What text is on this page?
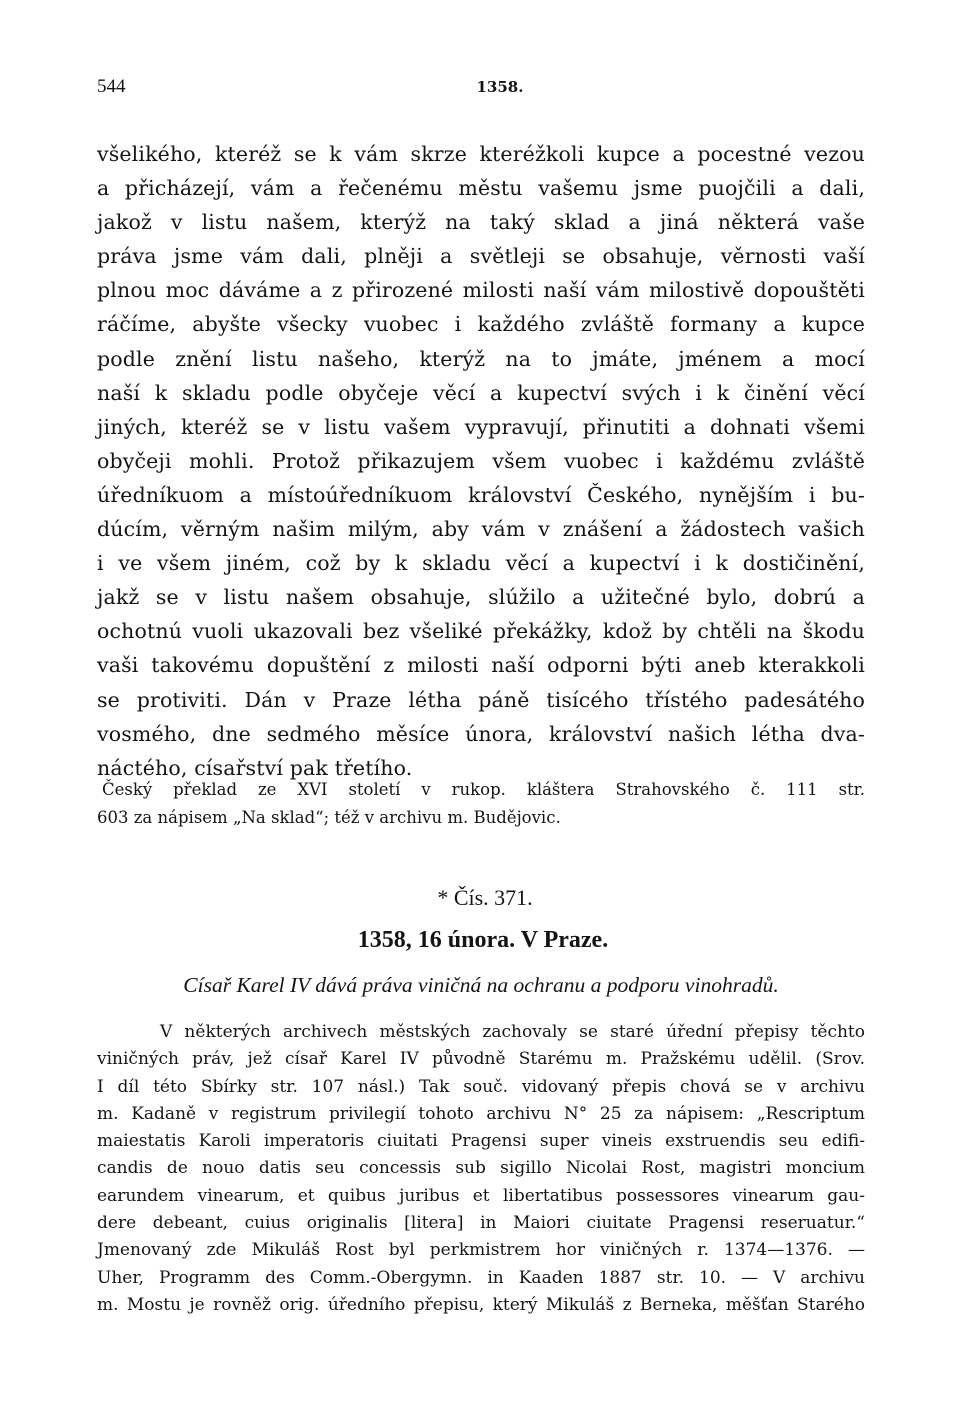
544	1358.
všelikého, kteréž se k vám skrze kteréžkoli kupce a pocestné vezou
a přicházejí, vám a řečenému městu vašemu jsme puojčili a dali,
jakož v listu našem, kterýž na taký sklad a jiná některá vaše
práva jsme vám dali, plněji a světleji se obsahuje, věrnosti vaší
plnou moc dáváme a z přirozené milosti naší vám milostivě dopouštěti
ráčíme, abyšte všecky vuobec i každého zvláště formany a kupce
podle znění listu našeho, kterýž na to jmáte, jménem a mocí
naší k skladu podle obyčeje věcí a kupectví svých i k činění věcí
jiných, kteréž se v listu vašem vypravují, přinutiti a dohnati všemi
obyčeji mohli. Protož přikazujem všem vuobec i každému zvláště
úředníkuom a místoúředníkuom království Českého, nynějším i bu-
dúcím, věrným našim milým, aby vám v znášení a žádostech vašich
i ve všem jiném, což by k skladu věcí a kupectví i k dostičinění,
jakž se v listu našem obsahuje, slúžilo a užitečné bylo, dobrú a
ochotnú vuoli ukazovali bez všeliké překážky, kdož by chtěli na škodu
vaši takovému dopuštění z milosti naší odporni býti aneb kterakkoli
se protiviti. Dán v Praze létha páně tisícého třístého padesátého
vosmého, dne sedmého měsíce února, království našich létha dva-
náctého, císařství pak třetího.
Český překlad ze XVI století v rukop. kláštera Strahovského č. 111 str.
603 za nápisem „Na sklad“; též v archivu m. Budějovic.
* Čís. 371.
1358, 16 února. V Praze.
Císař Karel IV dává práva viničná na ochranu a podporu vinohradů.
V některých archivech městských zachovaly se staré úřední přepisy těchto
viničných práv, jež císař Karel IV původně Starému m. Pražskému udělil. (Srov.
I díl této Sbírky str. 107 násl.) Tak souč. vidovaný přepis chová se v archivu
m. Kadaně v registrum privilegií tohoto archivu N° 25 za nápisem: „Rescriptum
maiestatis Karoli imperatoris ciuitati Pragensi super vineis exstruendis seu edifi-
candis de nouo datis seu concessis sub sigillo Nicolai Rost, magistri moncium
earundem vinearum, et quibus juribus et libertatibus possessores vinearum gau-
dere debeant, cuius originalis [litera] in Maiori ciuitate Pragensi reseruatur.“
Jmenovaný zde Mikuláš Rost byl perkmistrem hor viničných r. 1374—1376. —
Uher, Programm des Comm.-Obergymn. in Kaaden 1887 str. 10. — V archivu
m. Mostu je rovněž orig. úředního přepisu, který Mikuláš z Berneka, měšťan Starého
